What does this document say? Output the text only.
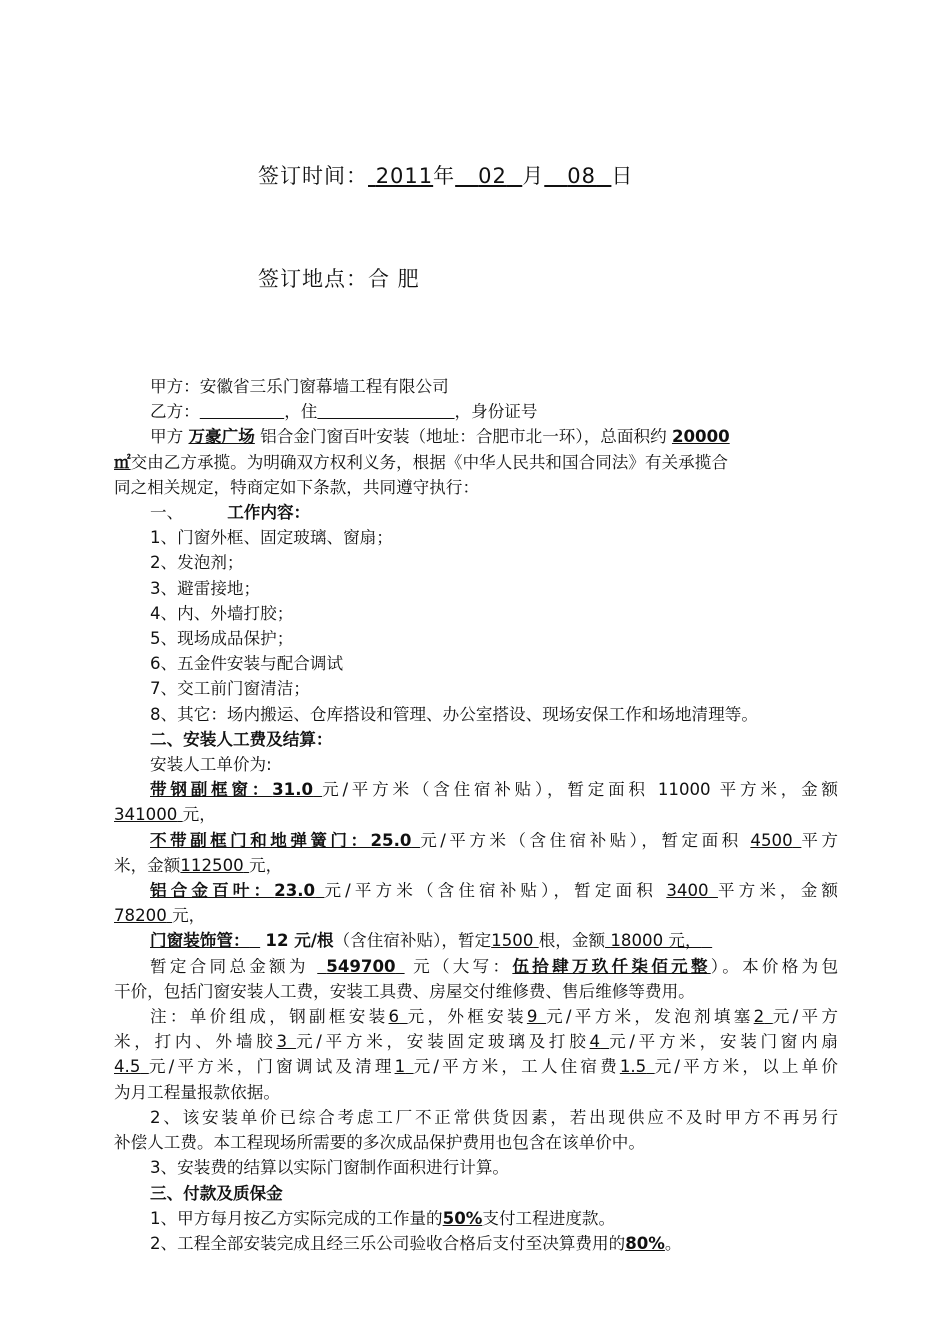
签订时间： 2011年 02 月 08 日
签订地点：合 肥

甲方：安徽省三乐门窗幕墙工程有限公司

乙方：	，住	，身份证号

甲方 万豪广场 铝合金门窗百叶安装（地址：合肥市北一环），总面积约 20000

㎡交由乙方承揽。为明确双方权利义务，根据《中华人民共和国合同法》有关承揽合

同之相关规定，特商定如下条款，共同遵守执行：

一、	工作内容：

1、门窗外框、固定玻璃、窗扇；

2、发泡剂；

3、避雷接地；

4、内、外墙打胶；

5、现场成品保护；

6、五金件安装与配合调试

7、交工前门窗清洁；

8、其它：场内搬运、仓库搭设和管理、办公室搭设、现场安保工作和场地清理等。

二、安装人工费及结算：

安装人工单价为:

带钢副框窗：31.0 元/平方米（含住宿补贴），暂定面积 11000 平方米，金额

341000 元，

不带副框门和地弹簧门：25.0 元/平方米（含住宿补贴），暂定面积 4500 平方

米，金额112500 元，

铝合金百叶：23.0 元/平方米（含住宿补贴），暂定面积 3400 平方米，金额

78200 元，

门窗装饰管： 12 元/根（含住宿补贴），暂定1500 根，金额 18000 元，

暂定合同总金额为 549700 元（大写：伍拾肆万玖仟柒佰元整）。本价格为包

干价，包括门窗安装人工费，安装工具费、房屋交付维修费、售后维修等费用。

注：单价组成，钢副框安装6 元，外框安装9 元/平方米，发泡剂填塞2 元/平方

米，打内、外墙胶3 元/平方米，安装固定玻璃及打胶4 元/平方米，安装门窗内扇

4.5 元/平方米，门窗调试及清理1 元/平方米，工人住宿费1.5 元/平方米，以上单价

为月工程量报款依据。

2、该安装单价已综合考虑工厂不正常供货因素，若出现供应不及时甲方不再另行

补偿人工费。本工程现场所需要的多次成品保护费用也包含在该单价中。

3、安装费的结算以实际门窗制作面积进行计算。

三、付款及质保金

1、甲方每月按乙方实际完成的工作量的50%支付工程进度款。

2、工程全部安装完成且经三乐公司验收合格后支付至决算费用的80%。
